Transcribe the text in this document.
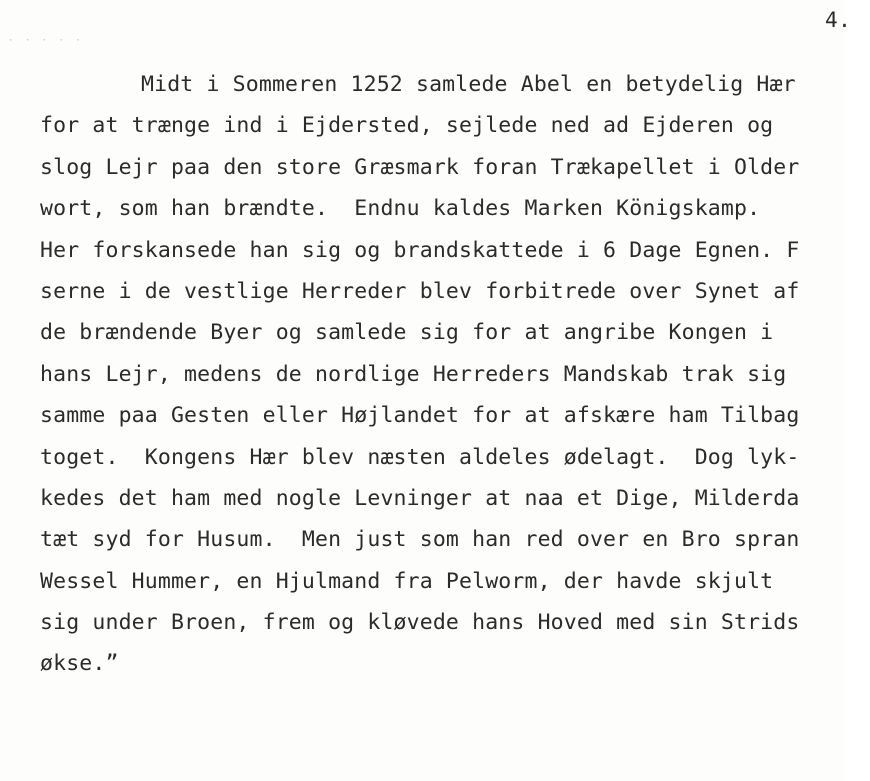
· · · · ·
4.
Midt i Sommeren 1252 samlede Abel en betydelig Hær
for at trænge ind i Ejdersted, sejlede ned ad Ejderen og
slog Lejr paa den store Græsmark foran Trækapellet i Older
wort, som han brændte.  Endnu kaldes Marken Königskamp.
Her forskansede han sig og brandskattede i 6 Dage Egnen. F
serne i de vestlige Herreder blev forbitrede over Synet af
de brændende Byer og samlede sig for at angribe Kongen i
hans Lejr, medens de nordlige Herreders Mandskab trak sig
samme paa Gesten eller Højlandet for at afskære ham Tilbag
toget.  Kongens Hær blev næsten aldeles ødelagt.  Dog lyk-
kedes det ham med nogle Levninger at naa et Dige, Milderda
tæt syd for Husum.  Men just som han red over en Bro spran
Wessel Hummer, en Hjulmand fra Pelworm, der havde skjult
sig under Broen, frem og kløvede hans Hoved med sin Strids
økse.”
